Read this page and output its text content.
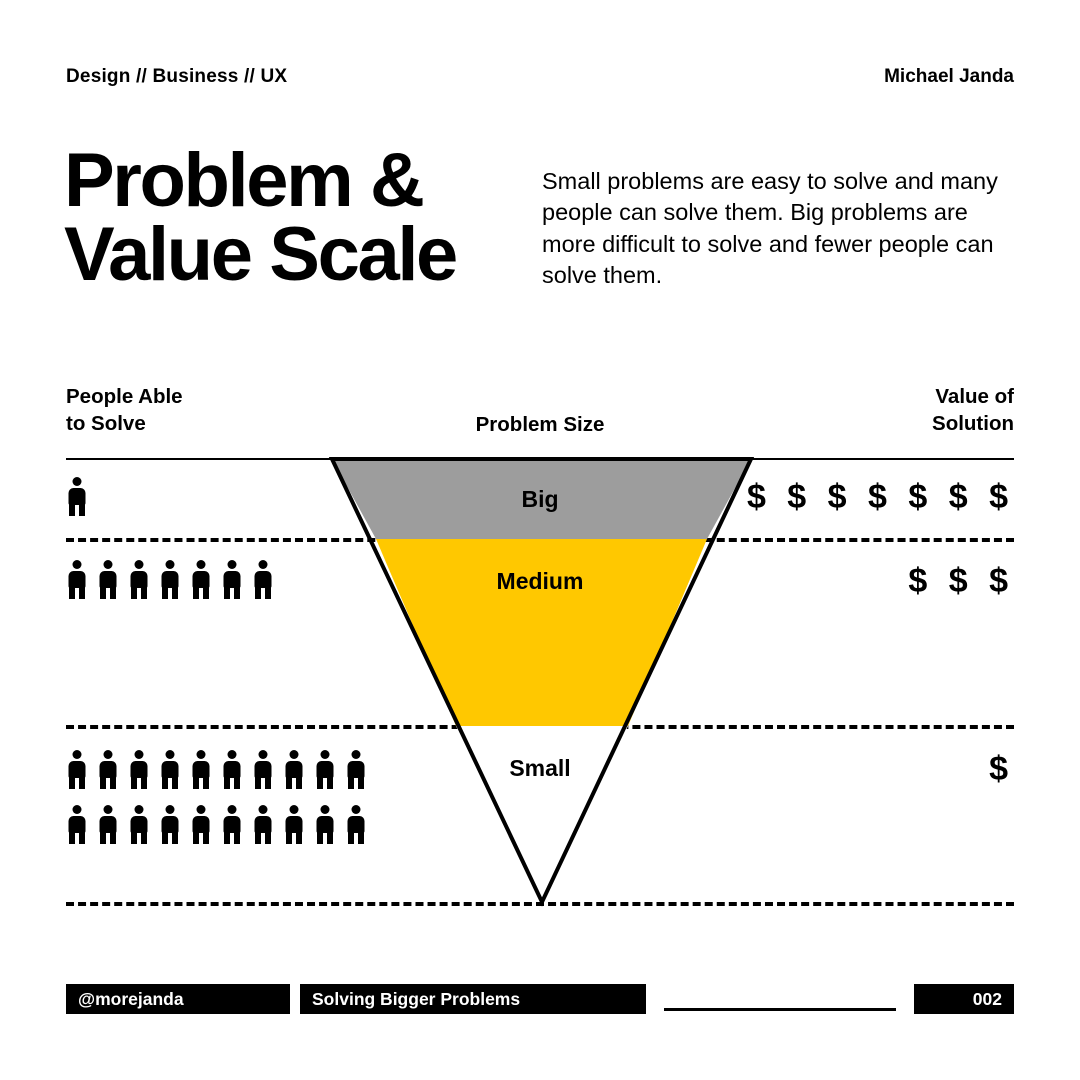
Design // Business // UX	Michael Janda
Problem &
Value Scale
Small problems are easy to solve and many people can solve them. Big problems are more difficult to solve and fewer people can solve them.
People Able
to Solve	Problem Size
Value of
Solution
Big
Medium
Small
$ $ $ $ $ $ $
$ $ $
$
@morejanda	Solving Bigger Problems	002
